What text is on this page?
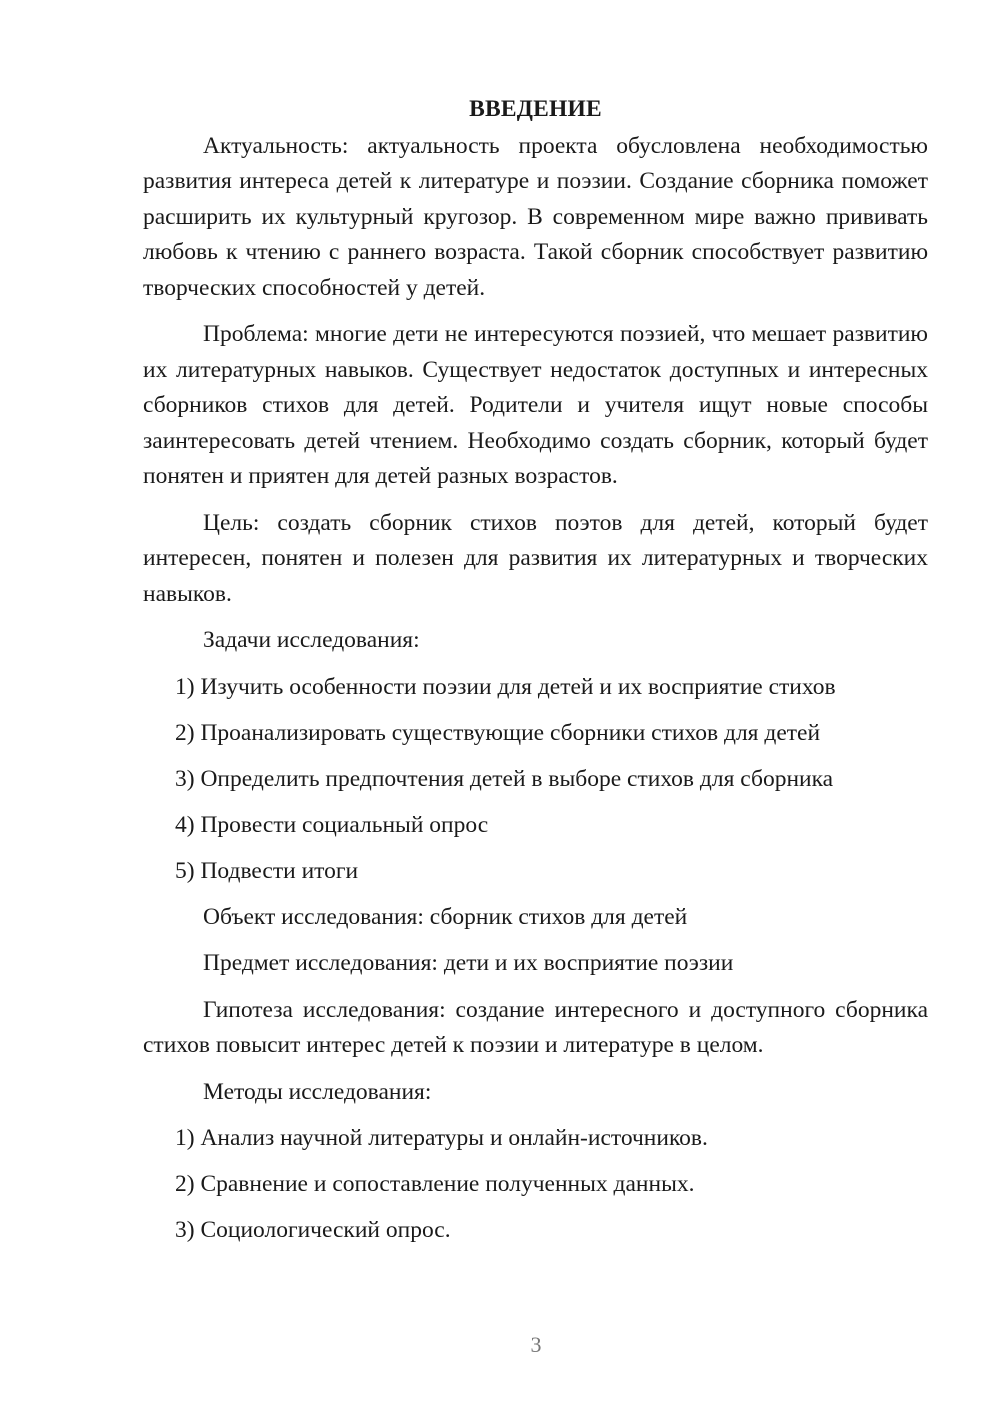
ВВЕДЕНИЕ

Актуальность: актуальность проекта обусловлена необходимостью развития интереса детей к литературе и поэзии. Создание сборника поможет расширить их культурный кругозор. В современном мире важно прививать любовь к чтению с раннего возраста. Такой сборник способствует развитию творческих способностей у детей.

Проблема: многие дети не интересуются поэзией, что мешает развитию их литературных навыков. Существует недостаток доступных и интересных сборников стихов для детей. Родители и учителя ищут новые способы заинтересовать детей чтением. Необходимо создать сборник, который будет понятен и приятен для детей разных возрастов.

Цель: создать сборник стихов поэтов для детей, который будет интересен, понятен и полезен для развития их литературных и творческих навыков.

Задачи исследования:

1) Изучить особенности поэзии для детей и их восприятие стихов
2) Проанализировать существующие сборники стихов для детей
3) Определить предпочтения детей в выборе стихов для сборника
4) Провести социальный опрос
5) Подвести итоги

Объект исследования: сборник стихов для детей

Предмет исследования: дети и их восприятие поэзии

Гипотеза исследования: создание интересного и доступного сборника стихов повысит интерес детей к поэзии и литературе в целом.

Методы исследования:

1) Анализ научной литературы и онлайн-источников.
2) Сравнение и сопоставление полученных данных.
3) Социологический опрос.
3
